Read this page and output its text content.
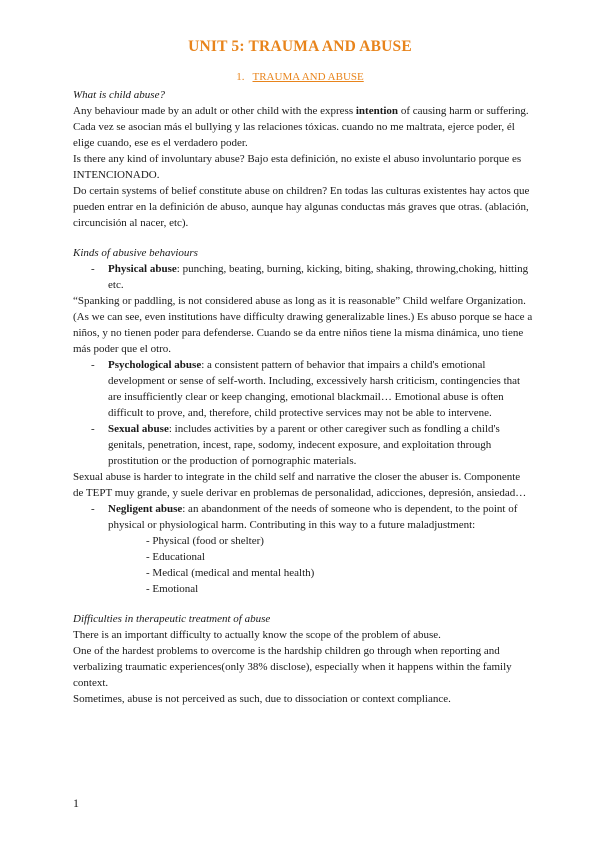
UNIT 5: TRAUMA AND ABUSE
1. TRAUMA AND ABUSE

What is child abuse?

Any behaviour made by an adult or other child with the express intention of causing harm or suffering. Cada vez se asocian más el bullying y las relaciones tóxicas. cuando no me maltrata, ejerce poder, él elige cuando, ese es el verdadero poder.

Is there any kind of involuntary abuse? Bajo esta definición, no existe el abuso involuntario porque es INTENCIONADO.

Do certain systems of belief constitute abuse on children? En todas las culturas existentes hay actos que pueden entrar en la definición de abuso, aunque hay algunas conductas más graves que otras. (ablación, circuncisión al nacer, etc).

Kinds of abusive behaviours

- Physical abuse: punching, beating, burning, kicking, biting, shaking, throwing,choking, hitting etc.

“Spanking or paddling, is not considered abuse as long as it is reasonable” Child welfare Organization. (As we can see, even institutions have difficulty drawing generalizable lines.) Es abuso porque se hace a niños, y no tienen poder para defenderse. Cuando se da entre niños tiene la misma dinámica, uno tiene más poder que el otro.

- Psychological abuse: a consistent pattern of behavior that impairs a child's emotional development or sense of self-worth. Including, excessively harsh criticism, contingencies that are insufficiently clear or keep changing, emotional blackmail… Emotional abuse is often difficult to prove, and, therefore, child protective services may not be able to intervene.

- Sexual abuse: includes activities by a parent or other caregiver such as fondling a child's genitals, penetration, incest, rape, sodomy, indecent exposure, and exploitation through prostitution or the production of pornographic materials.

Sexual abuse is harder to integrate in the child self and narrative the closer the abuser is. Componente de TEPT muy grande, y suele derivar en problemas de personalidad, adicciones, depresión, ansiedad…

- Negligent abuse: an abandonment of the needs of someone who is dependent, to the point of physical or physiological harm. Contributing in this way to a future maladjustment:

- Physical (food or shelter)

- Educational

- Medical (medical and mental health)

- Emotional

Difficulties in therapeutic treatment of abuse

There is an important difficulty to actually know the scope of the problem of abuse.

One of the hardest problems to overcome is the hardship children go through when reporting and verbalizing traumatic experiences(only 38% disclose), especially when it happens within the family context.

Sometimes, abuse is not perceived as such, due to dissociation or context compliance.

1
